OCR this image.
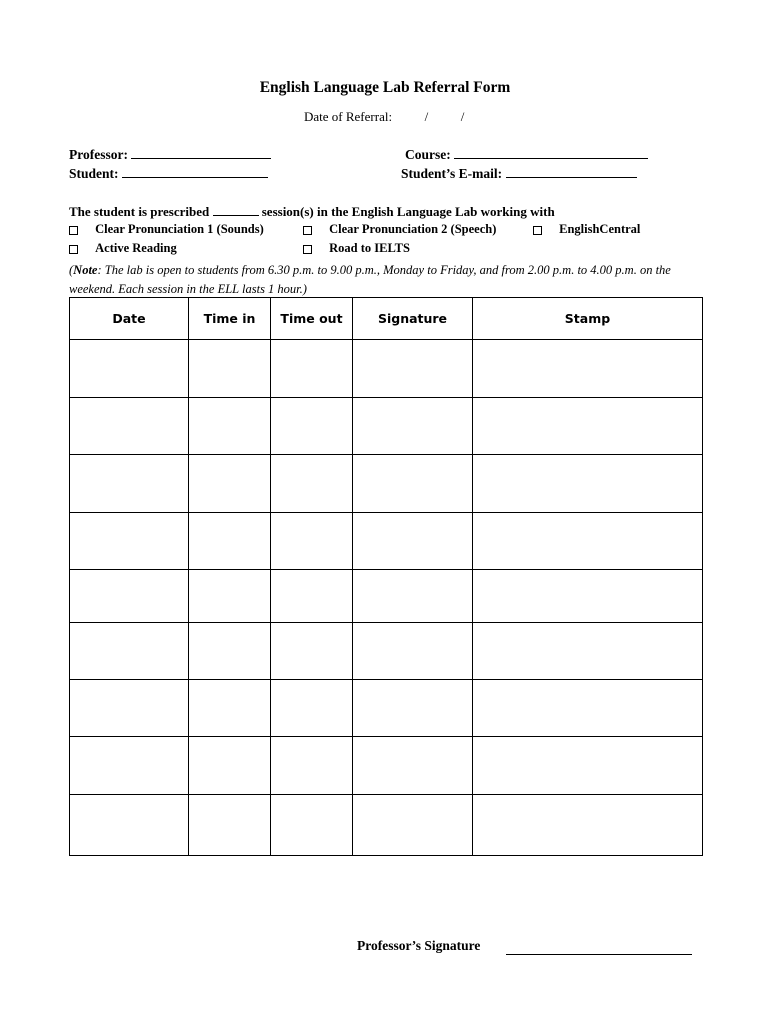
English Language Lab Referral Form
Date of Referral:	/	/
Professor:	Course:
Student:	Student’s E-mail:
The student is prescribed	session(s) in the English Language Lab working with
Clear Pronunciation 1 (Sounds)	Clear Pronunciation 2 (Speech)	EnglishCentral
Active Reading	Road to IELTS
(Note: The lab is open to students from 6.30 p.m. to 9.00 p.m., Monday to Friday, and from 2.00 p.m. to 4.00 p.m. on the weekend. Each session in the ELL lasts 1 hour.)
Date	Time in	Time out	Signature	Stamp

Professor’s Signature
